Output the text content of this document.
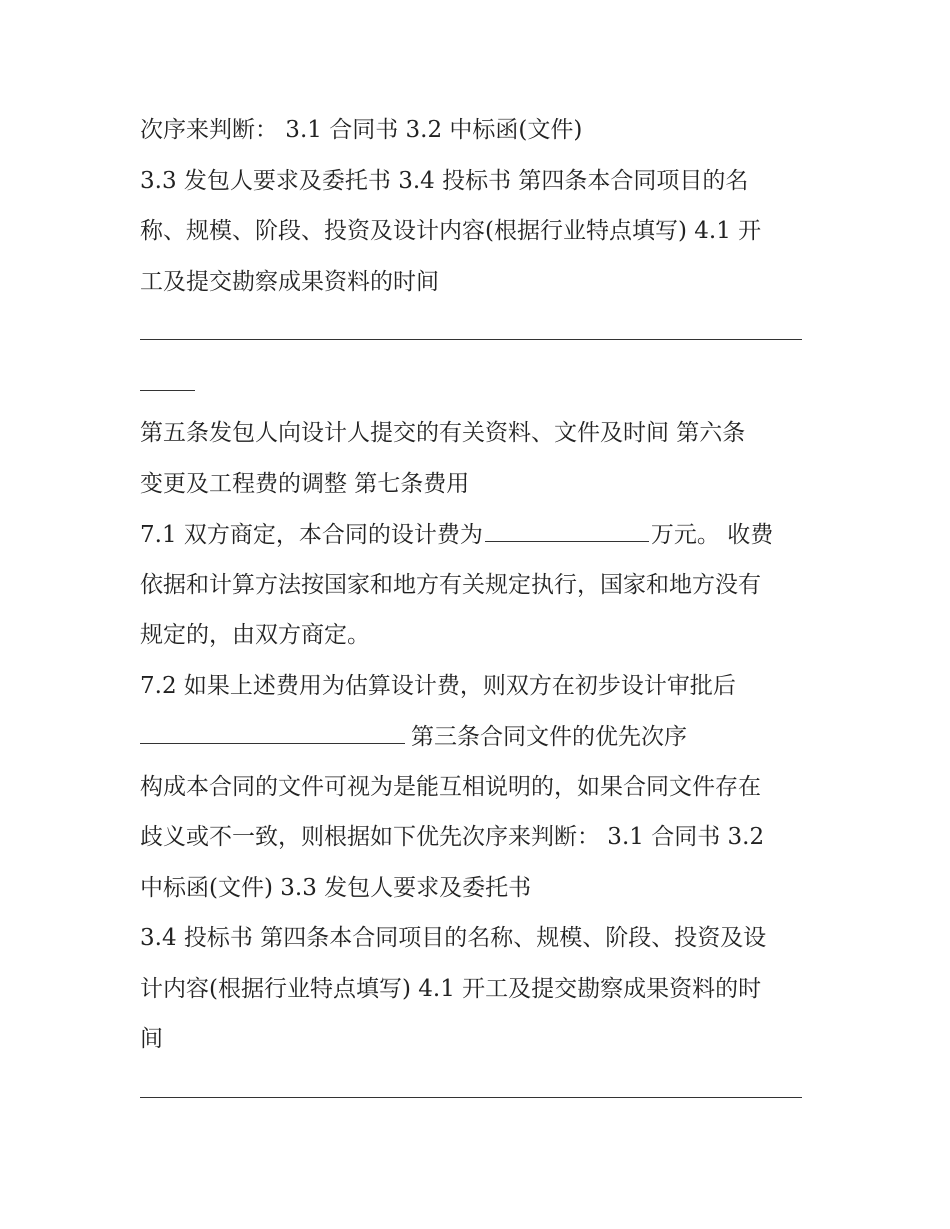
次序来判断： 3.1 合同书 3.2 中标函(文件)

3.3 发包人要求及委托书 3.4 投标书 第四条本合同项目的名

称、规模、阶段、投资及设计内容(根据行业特点填写) 4.1 开

工及提交勘察成果资料的时间

第五条发包人向设计人提交的有关资料、文件及时间 第六条

变更及工程费的调整 第七条费用

7.1 双方商定，本合同的设计费为	万元。 收费

依据和计算方法按国家和地方有关规定执行，国家和地方没有

规定的，由双方商定。

7.2 如果上述费用为估算设计费，则双方在初步设计审批后

第三条合同文件的优先次序

构成本合同的文件可视为是能互相说明的，如果合同文件存在

歧义或不一致，则根据如下优先次序来判断： 3.1 合同书 3.2

中标函(文件) 3.3 发包人要求及委托书

3.4 投标书 第四条本合同项目的名称、规模、阶段、投资及设

计内容(根据行业特点填写) 4.1 开工及提交勘察成果资料的时

间
